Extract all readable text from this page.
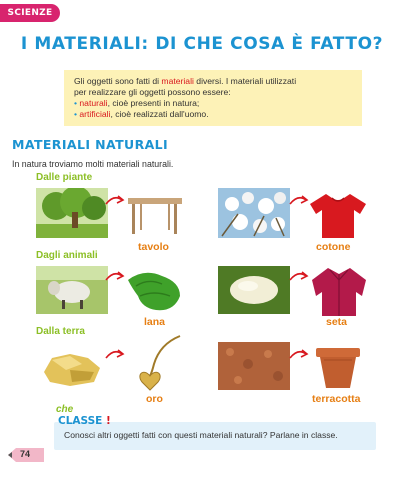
SCIENZE
I MATERIALI: DI CHE COSA È FATTO?
Gli oggetti sono fatti di materiali diversi. I materiali utilizzati
per realizzare gli oggetti possono essere:
• naturali, cioè presenti in natura;
• artificiali, cioè realizzati dall'uomo.
MATERIALI NATURALI
In natura troviamo molti materiali naturali.
Dalle piante
Dagli animali
Dalla terra
tavolo	cotone
lana	seta
oro	terracotta
Conosci altri oggetti fatti con questi materiali naturali? Parlane in classe.
che
CLASSE !
74
